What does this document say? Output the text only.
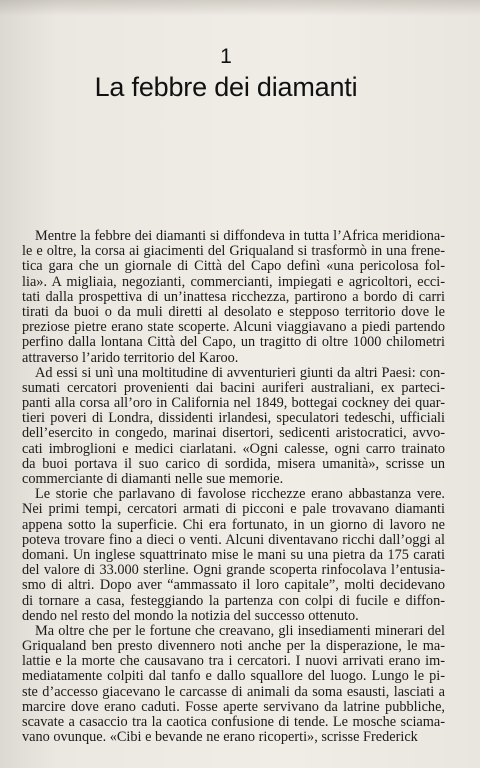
1
La febbre dei diamanti
Mentre la febbre dei diamanti si diffondeva in tutta l’Africa meridiona-
le e oltre, la corsa ai giacimenti del Griqualand si trasformò in una frene-
tica gara che un giornale di Città del Capo definì «una pericolosa fol-
lia». A migliaia, negozianti, commercianti, impiegati e agricoltori, ecci-
tati dalla prospettiva di un’inattesa ricchezza, partirono a bordo di carri
tirati da buoi o da muli diretti al desolato e stepposo territorio dove le
preziose pietre erano state scoperte. Alcuni viaggiavano a piedi partendo
perfino dalla lontana Città del Capo, un tragitto di oltre 1000 chilometri
attraverso l’arido territorio del Karoo.
Ad essi si unì una moltitudine di avventurieri giunti da altri Paesi: con-
sumati cercatori provenienti dai bacini auriferi australiani, ex parteci-
panti alla corsa all’oro in California nel 1849, bottegai cockney dei quar-
tieri poveri di Londra, dissidenti irlandesi, speculatori tedeschi, ufficiali
dell’esercito in congedo, marinai disertori, sedicenti aristocratici, avvo-
cati imbroglioni e medici ciarlatani. «Ogni calesse, ogni carro trainato
da buoi portava il suo carico di sordida, misera umanità», scrisse un
commerciante di diamanti nelle sue memorie.
Le storie che parlavano di favolose ricchezze erano abbastanza vere.
Nei primi tempi, cercatori armati di picconi e pale trovavano diamanti
appena sotto la superficie. Chi era fortunato, in un giorno di lavoro ne
poteva trovare fino a dieci o venti. Alcuni diventavano ricchi dall’oggi al
domani. Un inglese squattrinato mise le mani su una pietra da 175 carati
del valore di 33.000 sterline. Ogni grande scoperta rinfocolava l’entusia-
smo di altri. Dopo aver “ammassato il loro capitale”, molti decidevano
di tornare a casa, festeggiando la partenza con colpi di fucile e diffon-
dendo nel resto del mondo la notizia del successo ottenuto.
Ma oltre che per le fortune che creavano, gli insediamenti minerari del
Griqualand ben presto divennero noti anche per la disperazione, le ma-
lattie e la morte che causavano tra i cercatori. I nuovi arrivati erano im-
mediatamente colpiti dal tanfo e dallo squallore del luogo. Lungo le pi-
ste d’accesso giacevano le carcasse di animali da soma esausti, lasciati a
marcire dove erano caduti. Fosse aperte servivano da latrine pubbliche,
scavate a casaccio tra la caotica confusione di tende. Le mosche sciama-
vano ovunque. «Cibi e bevande ne erano ricoperti», scrisse Frederick
